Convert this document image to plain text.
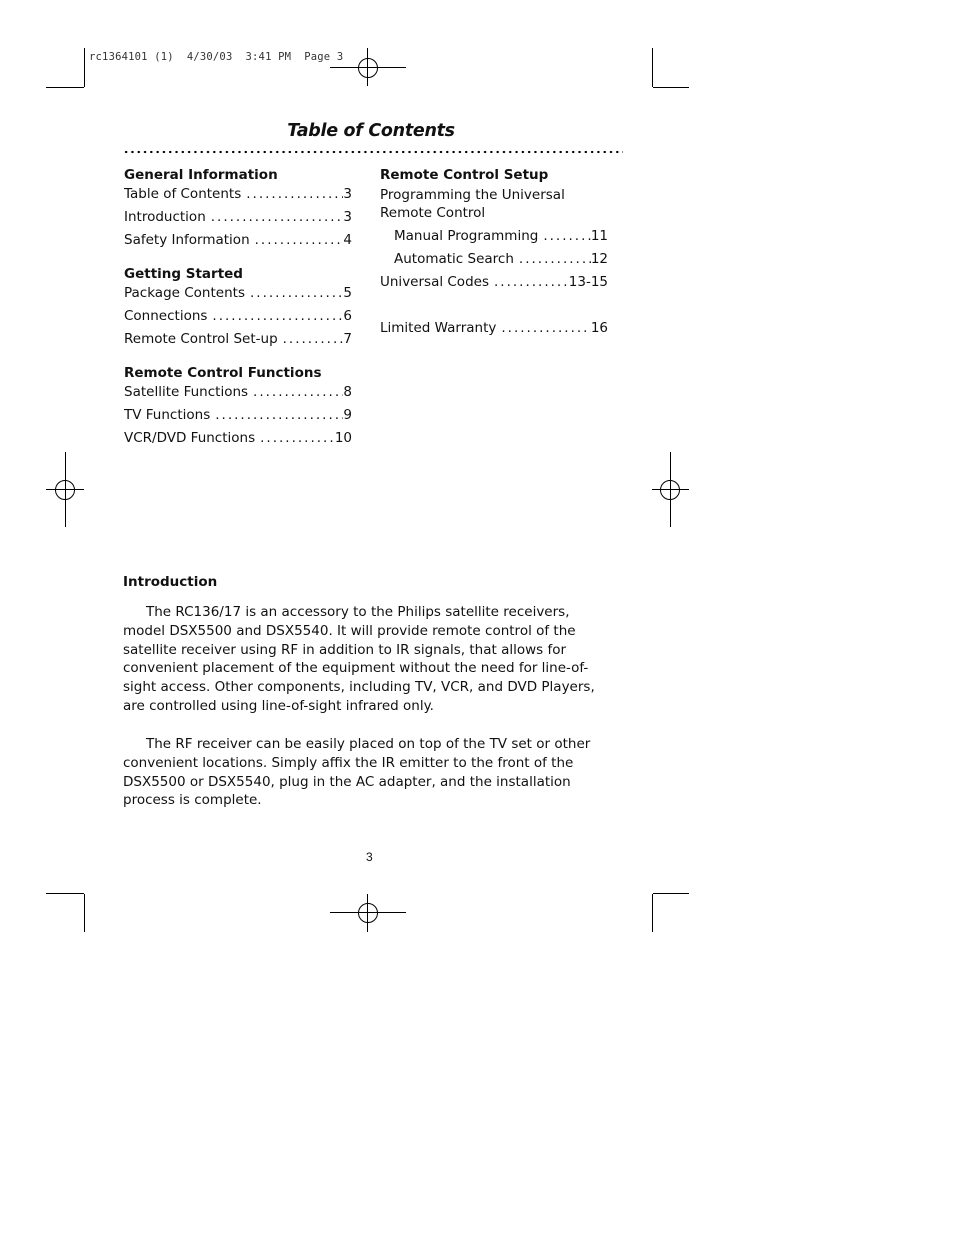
rc1364101 (1)  4/30/03  3:41 PM  Page 3
Table of Contents
General Information
Table of Contents .....	3
Introduction .....	3
Safety Information .....	4
Getting Started
Package Contents .....	5
Connections .....	6
Remote Control Set-up .....	7
Remote Control Functions
Satellite Functions .....	8
TV Functions .....	9
VCR/DVD Functions .....	10
Remote Control Setup
Programming the Universal Remote Control
Manual Programming .....	11
Automatic Search .....	12
Universal Codes .....	13-15
Limited Warranty .....	16
Introduction
The RC136/17 is an accessory to the Philips satellite receivers, model DSX5500 and DSX5540. It will provide remote control of the satellite receiver using RF in addition to IR signals, that allows for convenient placement of the equipment without the need for line-of-sight access. Other components, including TV, VCR, and DVD Players, are controlled using line-of-sight infrared only.
The RF receiver can be easily placed on top of the TV set or other convenient locations. Simply affix the IR emitter to the front of the DSX5500 or DSX5540, plug in the AC adapter, and the installation process is complete.
3
